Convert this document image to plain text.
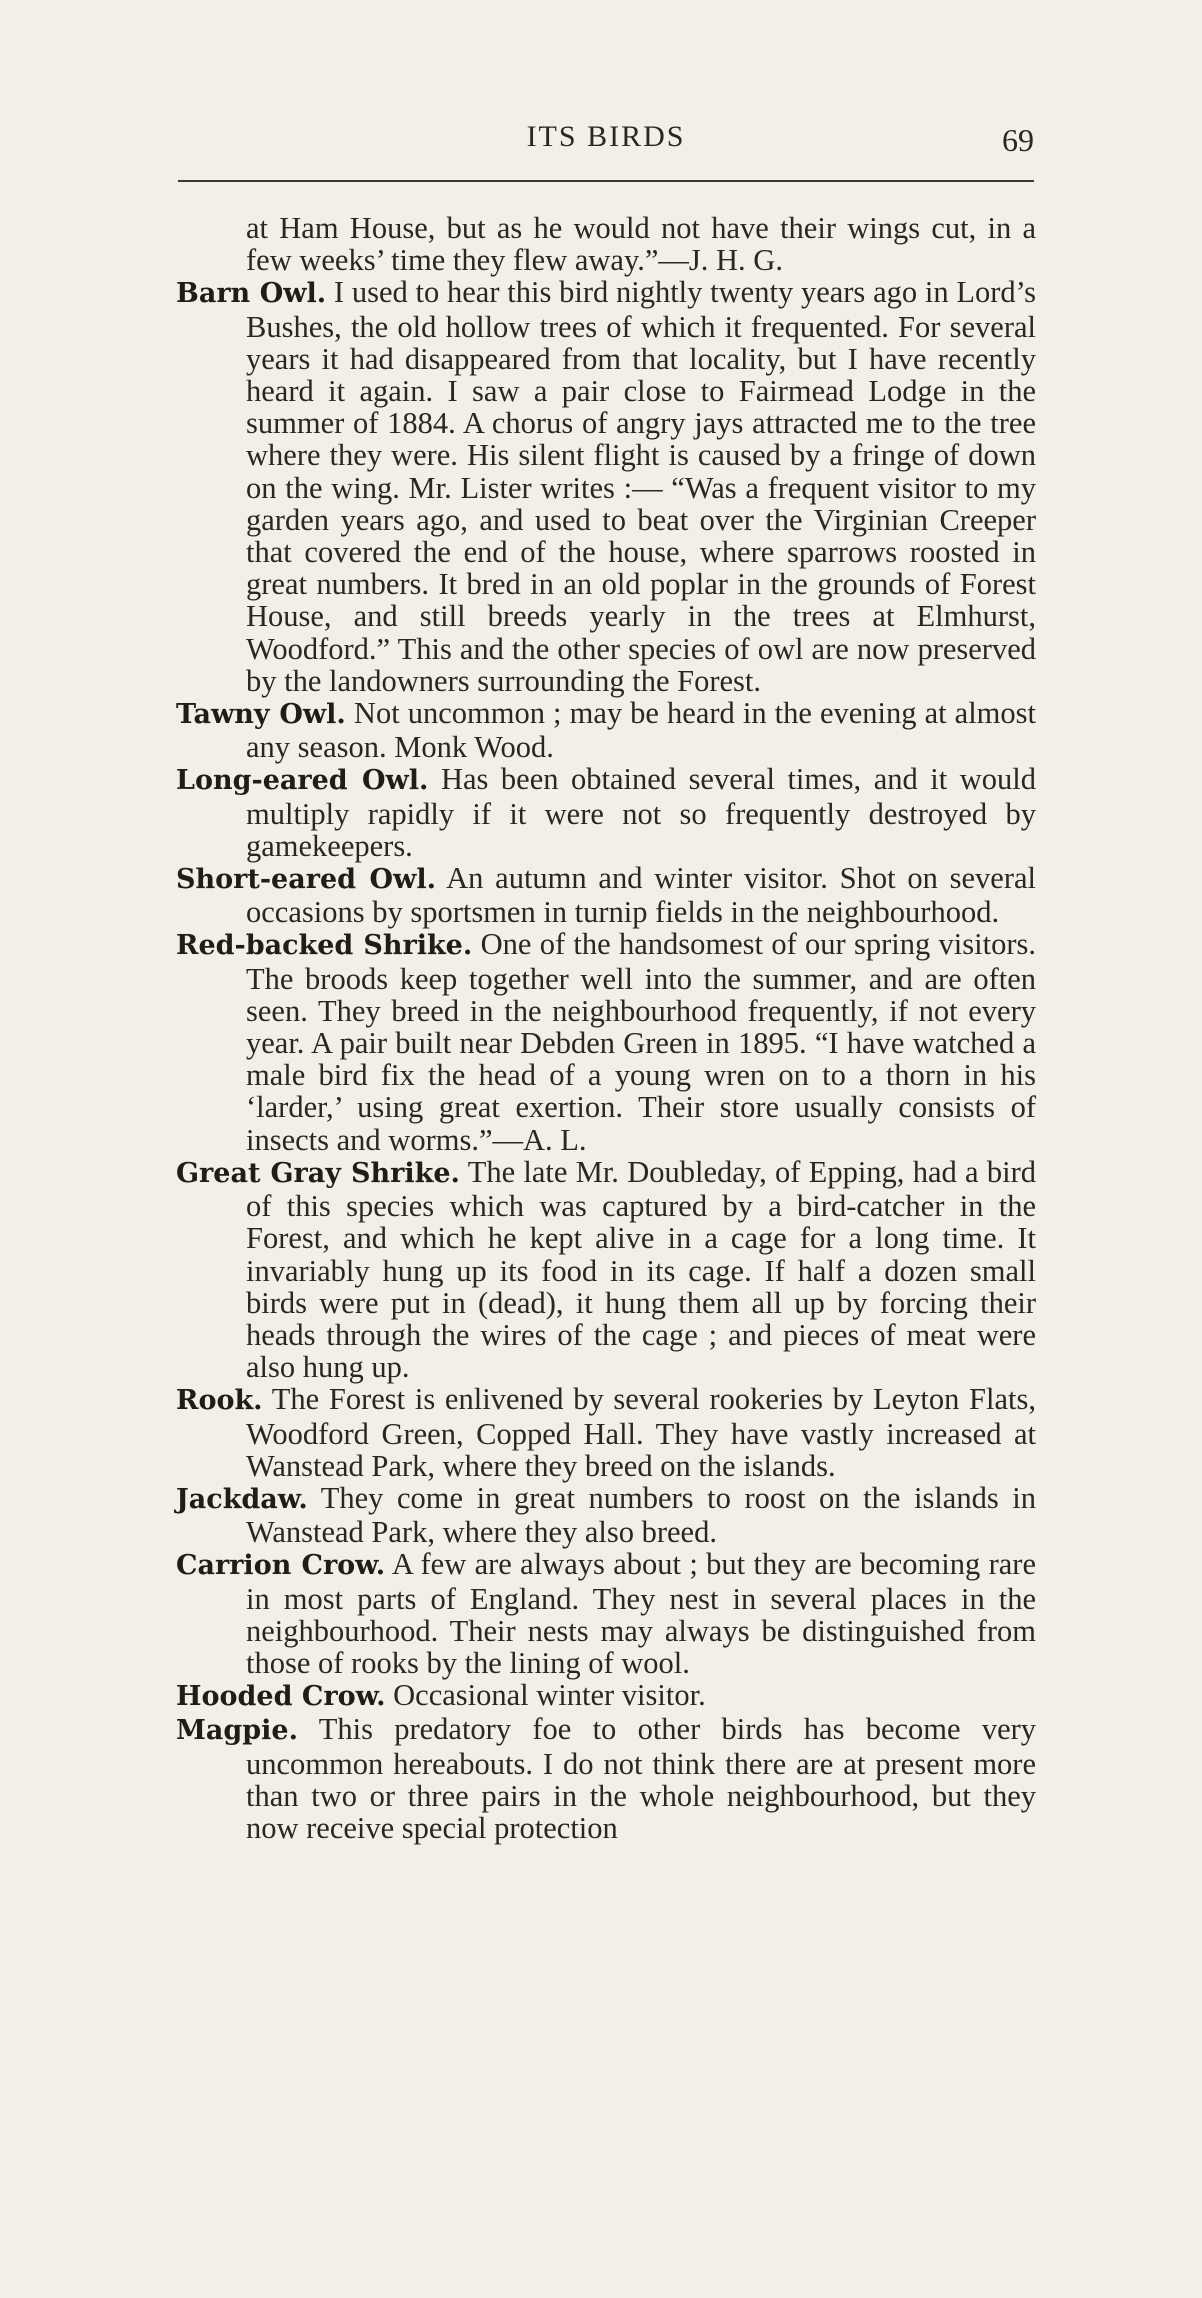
ITS BIRDS	69

at Ham House, but as he would not have their wings cut, in a few weeks’ time they flew away.”—J. H. G.

Barn Owl. I used to hear this bird nightly twenty years ago in Lord’s Bushes, the old hollow trees of which it frequented. For several years it had disappeared from that locality, but I have recently heard it again. I saw a pair close to Fairmead Lodge in the summer of 1884. A chorus of angry jays attracted me to the tree where they were. His silent flight is caused by a fringe of down on the wing. Mr. Lister writes :— “Was a frequent visitor to my garden years ago, and used to beat over the Virginian Creeper that covered the end of the house, where sparrows roosted in great numbers. It bred in an old poplar in the grounds of Forest House, and still breeds yearly in the trees at Elmhurst, Woodford.” This and the other species of owl are now preserved by the landowners surrounding the Forest.

Tawny Owl. Not uncommon ; may be heard in the evening at almost any season. Monk Wood.

Long-eared Owl. Has been obtained several times, and it would multiply rapidly if it were not so frequently destroyed by gamekeepers.

Short-eared Owl. An autumn and winter visitor. Shot on several occasions by sportsmen in turnip fields in the neighbourhood.

Red-backed Shrike. One of the handsomest of our spring visitors. The broods keep together well into the summer, and are often seen. They breed in the neighbourhood frequently, if not every year. A pair built near Debden Green in 1895. “I have watched a male bird fix the head of a young wren on to a thorn in his ‘larder,’ using great exertion. Their store usually consists of insects and worms.”—A. L.

Great Gray Shrike. The late Mr. Doubleday, of Epping, had a bird of this species which was captured by a bird-catcher in the Forest, and which he kept alive in a cage for a long time. It invariably hung up its food in its cage. If half a dozen small birds were put in (dead), it hung them all up by forcing their heads through the wires of the cage ; and pieces of meat were also hung up.

Rook. The Forest is enlivened by several rookeries by Leyton Flats, Woodford Green, Copped Hall. They have vastly increased at Wanstead Park, where they breed on the islands.

Jackdaw. They come in great numbers to roost on the islands in Wanstead Park, where they also breed.

Carrion Crow. A few are always about ; but they are becoming rare in most parts of England. They nest in several places in the neighbourhood. Their nests may always be distinguished from those of rooks by the lining of wool.

Hooded Crow. Occasional winter visitor.

Magpie. This predatory foe to other birds has become very uncommon hereabouts. I do not think there are at present more than two or three pairs in the whole neighbourhood, but they now receive special protection
